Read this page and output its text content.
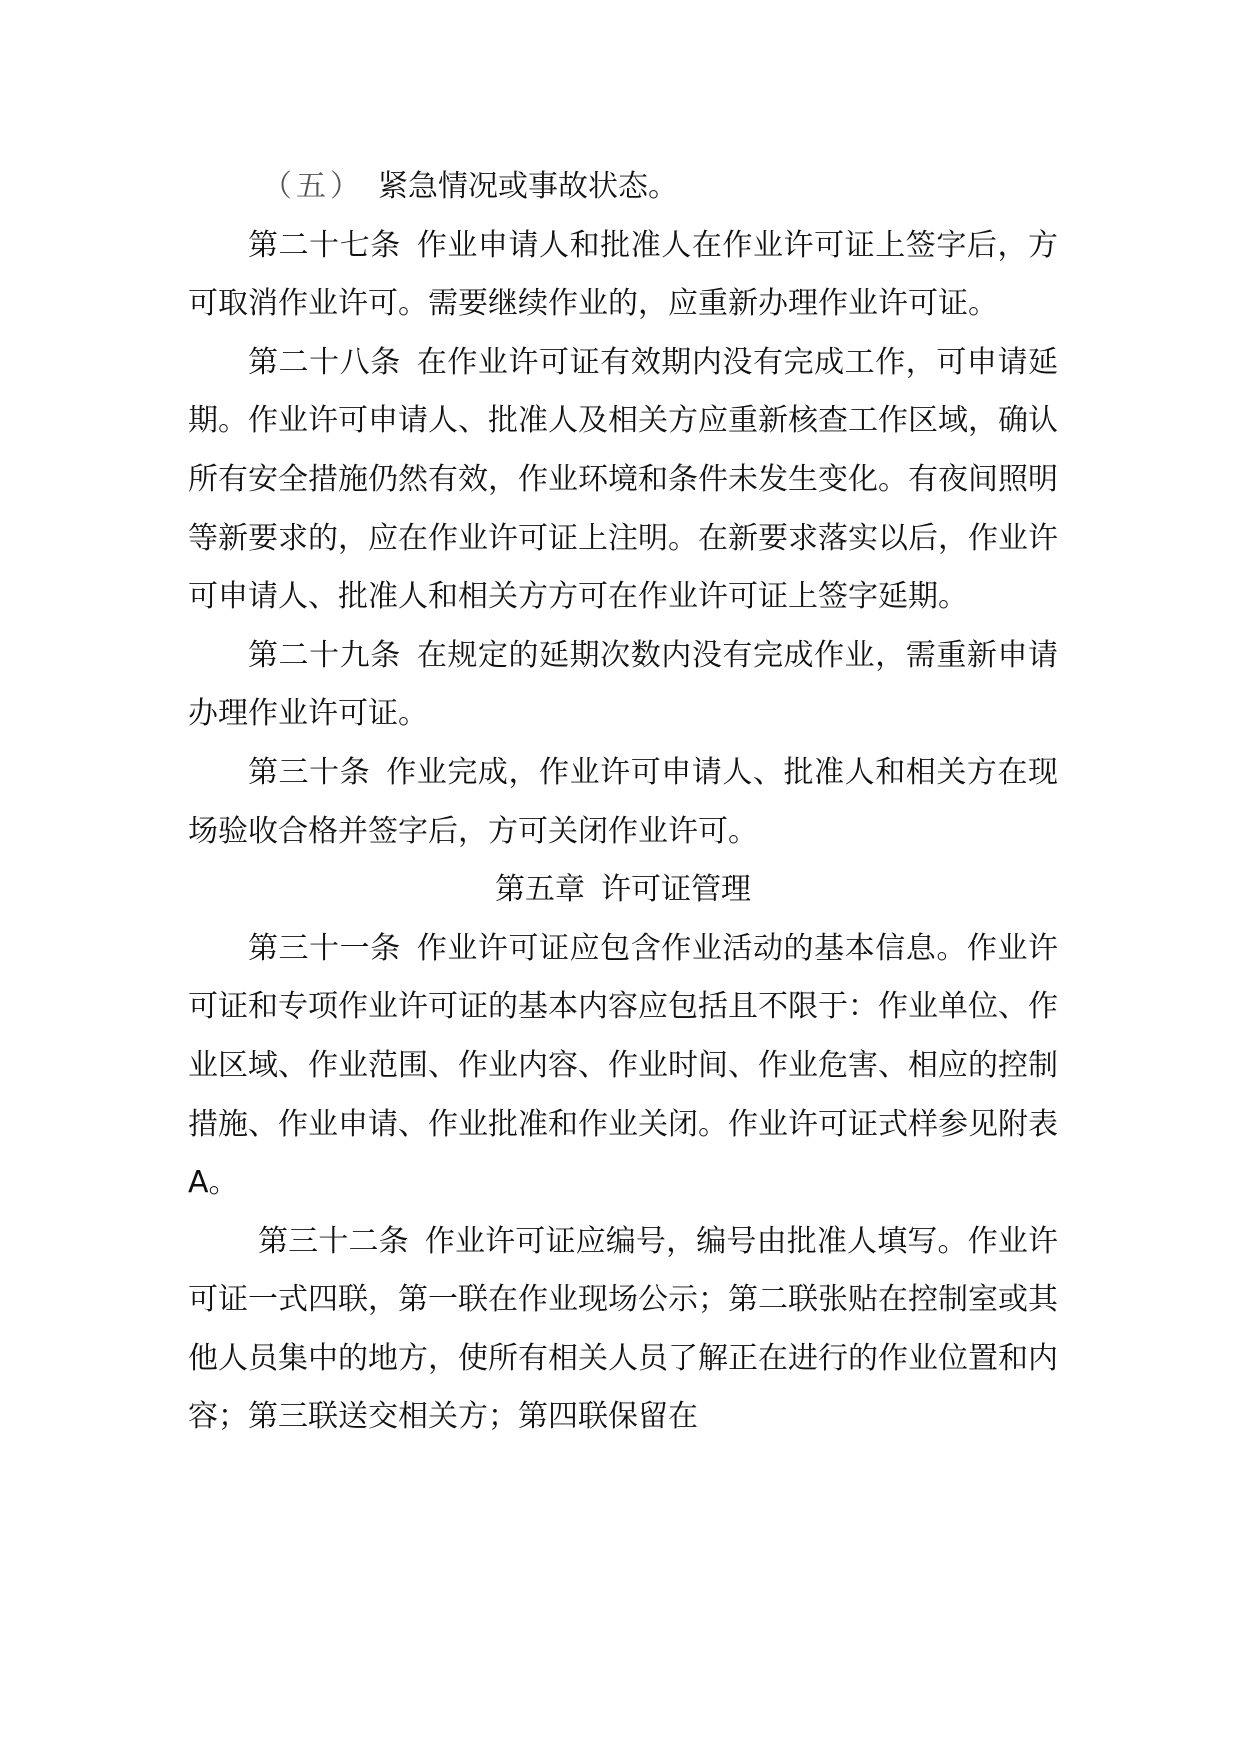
（五） 紧急情况或事故状态。

第二十七条 作业申请人和批准人在作业许可证上签字后，方可取消作业许可。需要继续作业的，应重新办理作业许可证。

第二十八条 在作业许可证有效期内没有完成工作，可申请延期。作业许可申请人、批准人及相关方应重新核查工作区域，确认所有安全措施仍然有效，作业环境和条件未发生变化。有夜间照明等新要求的，应在作业许可证上注明。在新要求落实以后，作业许可申请人、批准人和相关方方可在作业许可证上签字延期。

第二十九条 在规定的延期次数内没有完成作业，需重新申请办理作业许可证。

第三十条 作业完成，作业许可申请人、批准人和相关方在现场验收合格并签字后，方可关闭作业许可。

第五章 许可证管理

第三十一条 作业许可证应包含作业活动的基本信息。作业许可证和专项作业许可证的基本内容应包括且不限于：作业单位、作业区域、作业范围、作业内容、作业时间、作业危害、相应的控制措施、作业申请、作业批准和作业关闭。作业许可证式样参见附表 A。

第三十二条 作业许可证应编号，编号由批准人填写。作业许可证一式四联，第一联在作业现场公示；第二联张贴在控制室或其他人员集中的地方，使所有相关人员了解正在进行的作业位置和内容；第三联送交相关方；第四联保留在
